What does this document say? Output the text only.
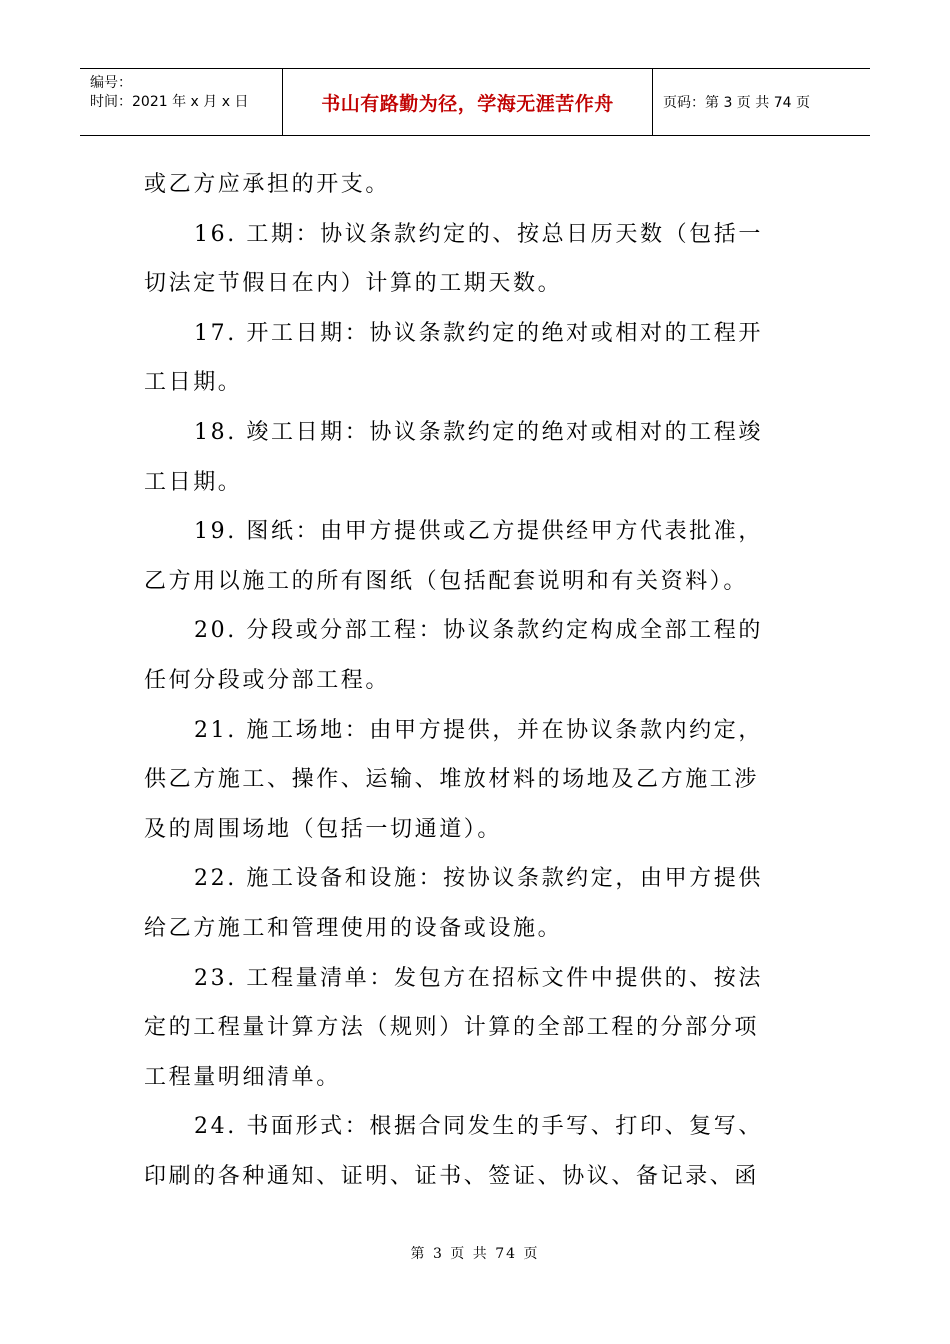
编号：
时间：2021 年 x 月 x 日	书山有路勤为径，学海无涯苦作舟	页码：第 3 页 共 74 页
或乙方应承担的开支。
16. 工期：协议条款约定的、按总日历天数（包括一
切法定节假日在内）计算的工期天数。
17. 开工日期：协议条款约定的绝对或相对的工程开
工日期。
18. 竣工日期：协议条款约定的绝对或相对的工程竣
工日期。
19. 图纸：由甲方提供或乙方提供经甲方代表批准，
乙方用以施工的所有图纸（包括配套说明和有关资料）。
20. 分段或分部工程：协议条款约定构成全部工程的
任何分段或分部工程。
21. 施工场地：由甲方提供，并在协议条款内约定，
供乙方施工、操作、运输、堆放材料的场地及乙方施工涉
及的周围场地（包括一切通道）。
22. 施工设备和设施：按协议条款约定，由甲方提供
给乙方施工和管理使用的设备或设施。
23. 工程量清单：发包方在招标文件中提供的、按法
定的工程量计算方法（规则）计算的全部工程的分部分项
工程量明细清单。
24. 书面形式：根据合同发生的手写、打印、复写、
印刷的各种通知、证明、证书、签证、协议、备记录、函
第 3 页 共 74 页
